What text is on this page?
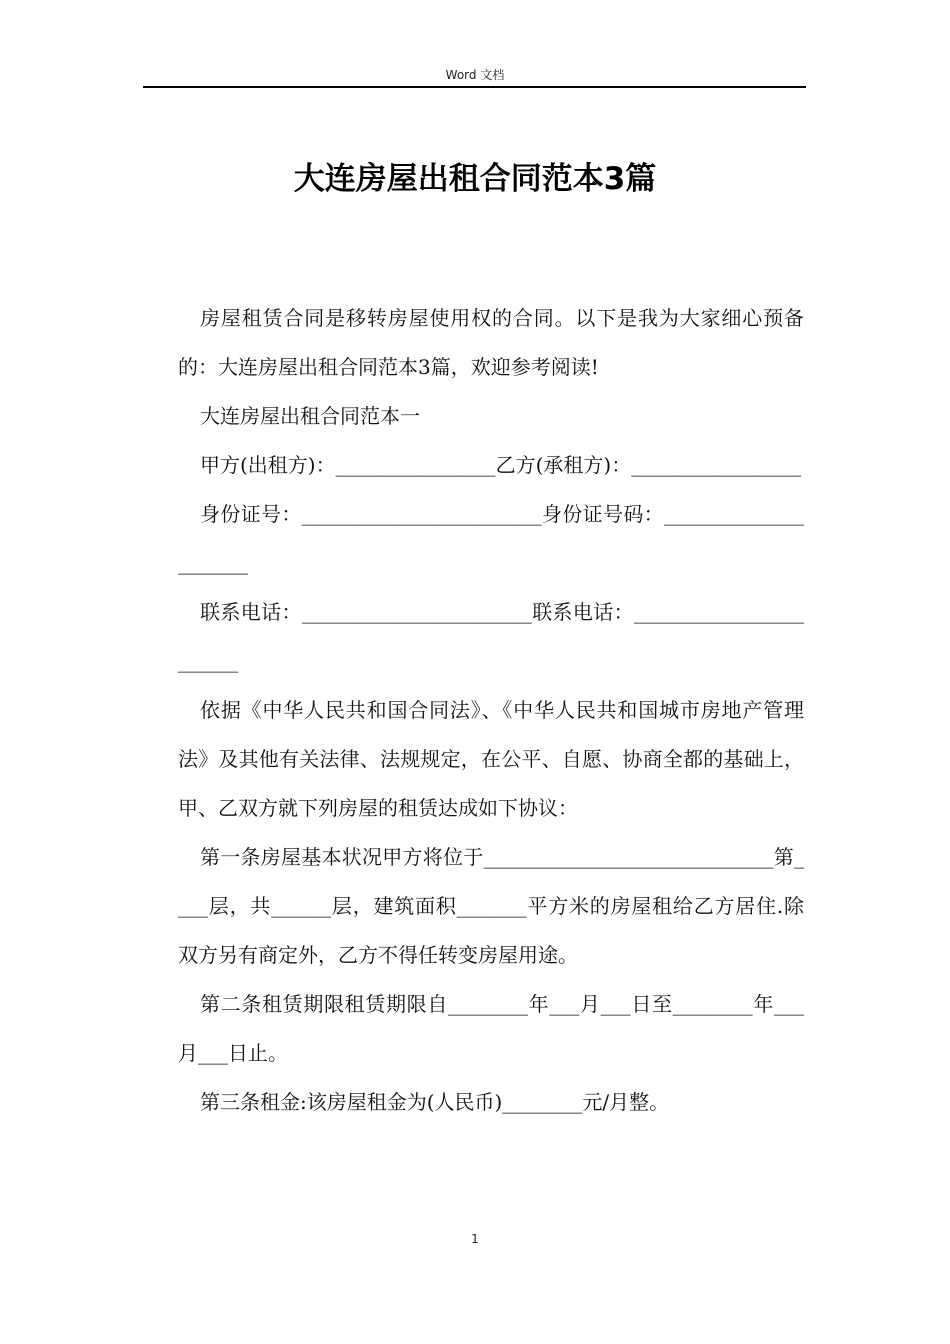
Word 文档
大连房屋出租合同范本3篇

房屋租赁合同是移转房屋使用权的合同。以下是我为大家细心预备的：大连房屋出租合同范本3篇，欢迎参考阅读!

大连房屋出租合同范本一

甲方(出租方)：________________乙方(承租方)：_________________

身份证号：________________________身份证号码：_____________________

联系电话：_______________________联系电话：_______________________

依据《中华人民共和国合同法》、《中华人民共和国城市房地产管理法》及其他有关法律、法规规定，在公平、自愿、协商全都的基础上，甲、乙双方就下列房屋的租赁达成如下协议：

第一条房屋基本状况甲方将位于_____________________________第____层，共______层，建筑面积_______平方米的房屋租给乙方居住.除双方另有商定外，乙方不得任转变房屋用途。

第二条租赁期限租赁期限自________年___月___日至________年___月___日止。

第三条租金:该房屋租金为(人民币)________元/月整。

1
